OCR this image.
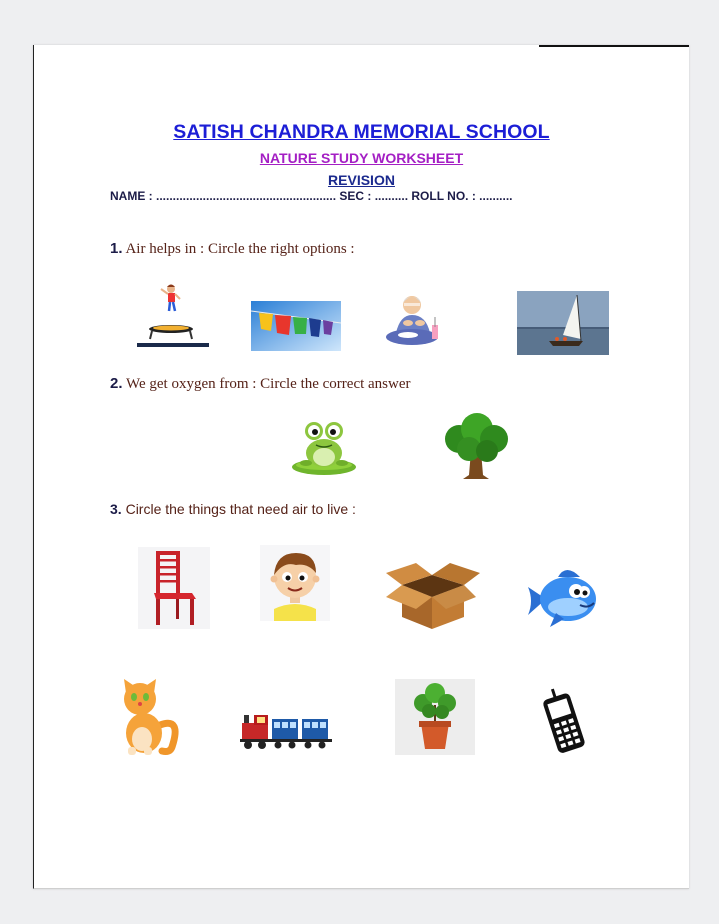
SATISH CHANDRA MEMORIAL SCHOOL
NATURE STUDY WORKSHEET
REVISION
NAME : ...................................................... SEC : .......... ROLL NO. : ..........
1. Air helps in : Circle the right options :
2. We get oxygen from : Circle the correct answer
3. Circle the things that need air to live :
